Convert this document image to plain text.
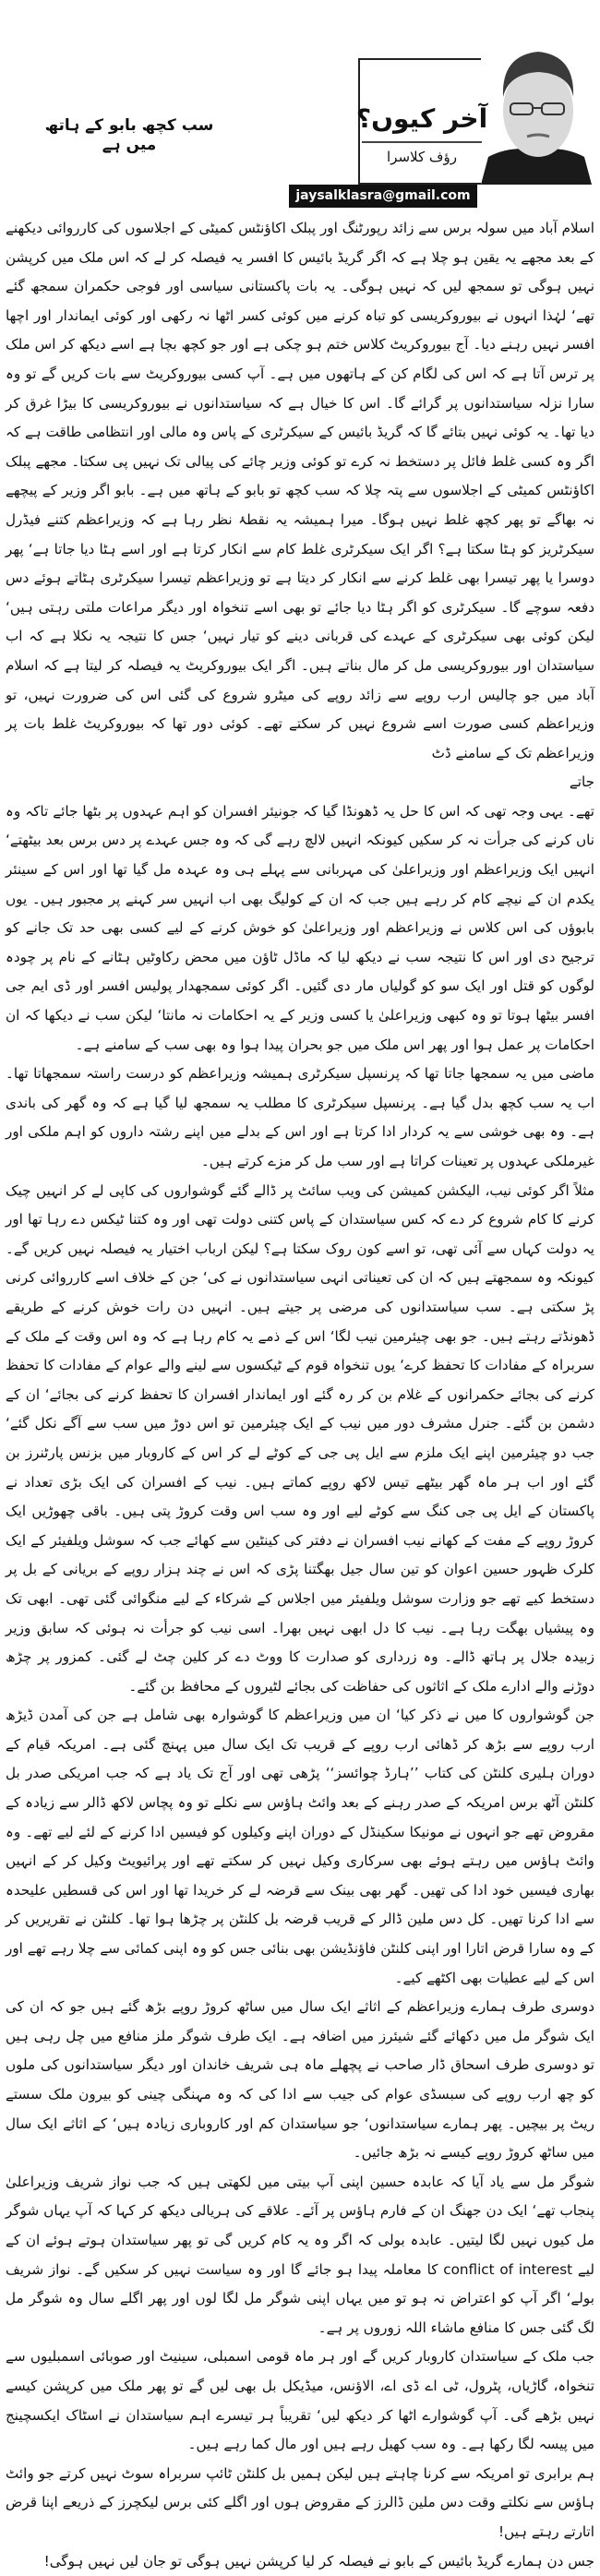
سب کچھ بابو کے ہاتھ میں ہے
آخر کیوں؟
رؤف کلاسرا
jaysalklasra@gmail.com

اسلام آباد میں سولہ برس سے زائد رپورٹنگ اور پبلک اکاؤنٹس کمیٹی کے اجلاسوں کی کارروائی دیکھنے کے بعد مجھے یہ یقین ہو چلا ہے کہ اگر گریڈ بائیس کا افسر یہ فیصلہ کر لے کہ اس ملک میں کرپشن نہیں ہوگی تو سمجھ لیں کہ نہیں ہوگی۔ یہ بات پاکستانی سیاسی اور فوجی حکمران سمجھ گئے تھے‘ لہٰذا انہوں نے بیوروکریسی کو تباہ کرنے میں کوئی کسر اٹھا نہ رکھی اور کوئی ایماندار اور اچھا افسر نہیں رہنے دیا۔ آج بیوروکریٹ کلاس ختم ہو چکی ہے اور جو کچھ بچا ہے اسے دیکھ کر اس ملک پر ترس آتا ہے کہ اس کی لگام کن کے ہاتھوں میں ہے۔ آپ کسی بیوروکریٹ سے بات کریں گے تو وہ سارا نزلہ سیاستدانوں پر گرائے گا۔ اس کا خیال ہے کہ سیاستدانوں نے بیوروکریسی کا بیڑا غرق کر دیا تھا۔ یہ کوئی نہیں بتائے گا کہ گریڈ بائیس کے سیکرٹری کے پاس وہ مالی اور انتظامی طاقت ہے کہ اگر وہ کسی غلط فائل پر دستخط نہ کرے تو کوئی وزیر چائے کی پیالی تک نہیں پی سکتا۔ مجھے پبلک اکاؤنٹس کمیٹی کے اجلاسوں سے پتہ چلا کہ سب کچھ تو بابو کے ہاتھ میں ہے۔ بابو اگر وزیر کے پیچھے نہ بھاگے تو پھر کچھ غلط نہیں ہوگا۔ میرا ہمیشہ یہ نقطۂ نظر رہا ہے کہ وزیراعظم کتنے فیڈرل سیکرٹریز کو ہٹا سکتا ہے؟ اگر ایک سیکرٹری غلط کام سے انکار کرتا ہے اور اسے ہٹا دیا جاتا ہے‘ پھر دوسرا یا پھر تیسرا بھی غلط کرنے سے انکار کر دیتا ہے تو وزیراعظم تیسرا سیکرٹری ہٹاتے ہوئے دس دفعہ سوچے گا۔ سیکرٹری کو اگر ہٹا دیا جائے تو بھی اسے تنخواہ اور دیگر مراعات ملتی رہتی ہیں‘ لیکن کوئی بھی سیکرٹری کے عہدے کی قربانی دینے کو تیار نہیں‘ جس کا نتیجہ یہ نکلا ہے کہ اب سیاستدان اور بیوروکریسی مل کر مال بناتے ہیں۔ اگر ایک بیوروکریٹ یہ فیصلہ کر لیتا ہے کہ اسلام آباد میں جو چالیس ارب روپے سے زائد روپے کی میٹرو شروع کی گئی اس کی ضرورت نہیں، تو وزیراعظم کسی صورت اسے شروع نہیں کر سکتے تھے۔ کوئی دور تھا کہ بیوروکریٹ غلط بات پر وزیراعظم تک کے سامنے ڈٹ

جاتے

تھے۔ یہی وجہ تھی کہ اس کا حل یہ ڈھونڈا گیا کہ جونیئر افسران کو اہم عہدوں پر بٹھا جائے تاکہ وہ ناں کرنے کی جرأت نہ کر سکیں کیونکہ انہیں لالچ رہے گی کہ وہ جس عہدے پر دس برس بعد بیٹھتے‘ انہیں ایک وزیراعظم اور وزیراعلیٰ کی مہربانی سے پہلے ہی وہ عہدہ مل گیا تھا اور اس کے سینئر یکدم ان کے نیچے کام کر رہے ہیں جب کہ ان کے کولیگ بھی اب انہیں سر کہنے پر مجبور ہیں۔ یوں بابوؤں کی اس کلاس نے وزیراعظم اور وزیراعلیٰ کو خوش کرنے کے لیے کسی بھی حد تک جانے کو ترجیح دی اور اس کا نتیجہ سب نے دیکھ لیا کہ ماڈل ٹاؤن میں محض رکاوٹیں ہٹانے کے نام پر چودہ لوگوں کو قتل اور ایک سو کو گولیاں مار دی گئیں۔ اگر کوئی سمجھدار پولیس افسر اور ڈی ایم جی افسر بیٹھا ہوتا تو وہ کبھی وزیراعلیٰ یا کسی وزیر کے یہ احکامات نہ مانتا‘ لیکن سب نے دیکھا کہ ان احکامات پر عمل ہوا اور پھر اس ملک میں جو بحران پیدا ہوا وہ بھی سب کے سامنے ہے۔

ماضی میں یہ سمجھا جاتا تھا کہ پرنسپل سیکرٹری ہمیشہ وزیراعظم کو درست راستہ سمجھاتا تھا۔ اب یہ سب کچھ بدل گیا ہے۔ پرنسپل سیکرٹری کا مطلب یہ سمجھ لیا گیا ہے کہ وہ گھر کی باندی ہے۔ وہ بھی خوشی سے یہ کردار ادا کرتا ہے اور اس کے بدلے میں اپنے رشتہ داروں کو اہم ملکی اور غیرملکی عہدوں پر تعینات کراتا ہے اور سب مل کر مزے کرتے ہیں۔

مثلاً اگر کوئی نیب، الیکشن کمیشن کی ویب سائٹ پر ڈالے گئے گوشواروں کی کاپی لے کر انہیں چیک کرنے کا کام شروع کر دے کہ کس سیاستدان کے پاس کتنی دولت تھی اور وہ کتنا ٹیکس دے رہا تھا اور یہ دولت کہاں سے آئی تھی، تو اسے کون روک سکتا ہے؟ لیکن ارباب اختیار یہ فیصلہ نہیں کریں گے۔ کیونکہ وہ سمجھتے ہیں کہ ان کی تعیناتی انہی سیاستدانوں نے کی‘ جن کے خلاف اسے کارروائی کرنی پڑ سکتی ہے۔ سب سیاستدانوں کی مرضی پر جیتے ہیں۔ انہیں دن رات خوش کرنے کے طریقے ڈھونڈتے رہتے ہیں۔ جو بھی چیئرمین نیب لگا‘ اس کے ذمے یہ کام رہا ہے کہ وہ اس وقت کے ملک کے سربراہ کے مفادات کا تحفظ کرے‘ یوں تنخواہ قوم کے ٹیکسوں سے لینے والے عوام کے مفادات کا تحفظ کرنے کی بجائے حکمرانوں کے غلام بن کر رہ گئے اور ایماندار افسران کا تحفظ کرنے کی بجائے‘ ان کے دشمن بن گئے۔ جنرل مشرف دور میں نیب کے ایک چیئرمین تو اس دوڑ میں سب سے آگے نکل گئے‘ جب دو چیئرمین اپنے ایک ملزم سے ایل پی جی کے کوٹے لے کر اس کے کاروبار میں بزنس پارٹنرز بن گئے اور اب ہر ماہ گھر بیٹھے تیس لاکھ روپے کماتے ہیں۔ نیب کے افسران کی ایک بڑی تعداد نے پاکستان کے ایل پی جی کنگ سے کوٹے لیے اور وہ سب اس وقت کروڑ پتی ہیں۔ باقی چھوڑیں ایک کروڑ روپے کے مفت کے کھانے نیب افسران نے دفتر کی کینٹین سے کھائے جب کہ سوشل ویلفیئر کے ایک کلرک ظہور حسین اعوان کو تین سال جیل بھگتنا پڑی کہ اس نے چند ہزار روپے کے بریانی کے بل پر دستخط کیے تھے جو وزارت سوشل ویلفیئر میں اجلاس کے شرکاء کے لیے منگوائی گئی تھی۔ ابھی تک وہ پیشیاں بھگت رہا ہے۔ نیب کا دل ابھی نہیں بھرا۔ اسی نیب کو جرأت نہ ہوئی کہ سابق وزیر زبیدہ جلال پر ہاتھ ڈالے۔ وہ زرداری کو صدارت کا ووٹ دے کر کلین چٹ لے گئی۔ کمزور پر چڑھ دوڑنے والے ادارے ملک کے اثاثوں کی حفاظت کی بجائے لٹیروں کے محافظ بن گئے۔

جن گوشواروں کا میں نے ذکر کیا‘ ان میں وزیراعظم کا گوشوارہ بھی شامل ہے جن کی آمدن ڈیڑھ ارب روپے سے بڑھ کر ڈھائی ارب روپے کے قریب تک ایک سال میں پہنچ گئی ہے۔ امریکہ قیام کے دوران ہلیری کلنٹن کی کتاب ’’ہارڈ چوائسز‘‘ پڑھی تھی اور آج تک یاد ہے کہ جب امریکی صدر بل کلنٹن آٹھ برس امریکہ کے صدر رہنے کے بعد وائٹ ہاؤس سے نکلے تو وہ پچاس لاکھ ڈالر سے زیادہ کے مقروض تھے جو انہوں نے مونیکا سکینڈل کے دوران اپنے وکیلوں کو فیسیں ادا کرنے کے لئے لیے تھے۔ وہ وائٹ ہاؤس میں رہتے ہوئے بھی سرکاری وکیل نہیں کر سکتے تھے اور پرائیویٹ وکیل کر کے انہیں بھاری فیسیں خود ادا کی تھیں۔ گھر بھی بینک سے قرضہ لے کر خریدا تھا اور اس کی قسطیں علیحدہ سے ادا کرنا تھیں۔ کل دس ملین ڈالر کے قریب قرضہ بل کلنٹن پر چڑھا ہوا تھا۔ کلنٹن نے تقریریں کر کے وہ سارا قرض اتارا اور اپنی کلنٹن فاؤنڈیشن بھی بنائی جس کو وہ اپنی کمائی سے چلا رہے تھے اور اس کے لیے عطیات بھی اکٹھے کیے۔

دوسری طرف ہمارے وزیراعظم کے اثاثے ایک سال میں ساٹھ کروڑ روپے بڑھ گئے ہیں جو کہ ان کی ایک شوگر مل میں دکھائے گئے شیئرز میں اضافہ ہے۔ ایک طرف شوگر ملز منافع میں چل رہی ہیں تو دوسری طرف اسحاق ڈار صاحب نے پچھلے ماہ ہی شریف خاندان اور دیگر سیاستدانوں کی ملوں کو چھ ارب روپے کی سبسڈی عوام کی جیب سے ادا کی کہ وہ مہنگی چینی کو بیرون ملک سستے ریٹ پر بیچیں۔ پھر ہمارے سیاستدانوں‘ جو سیاستدان کم اور کاروباری زیادہ ہیں‘ کے اثاثے ایک سال میں ساٹھ کروڑ روپے کیسے نہ بڑھ جائیں۔

شوگر مل سے یاد آیا کہ عابدہ حسین اپنی آپ بیتی میں لکھتی ہیں کہ جب نواز شریف وزیراعلیٰ پنجاب تھے‘ ایک دن جھنگ ان کے فارم ہاؤس پر آئے۔ علاقے کی ہریالی دیکھ کر کہا کہ آپ یہاں شوگر مل کیوں نہیں لگا لیتیں۔ عابدہ بولی کہ اگر وہ یہ کام کریں گی تو پھر سیاستدان ہوتے ہوئے ان کے لیے conflict of interest کا معاملہ پیدا ہو جائے گا اور وہ سیاست نہیں کر سکیں گے۔ نواز شریف بولے‘ اگر آپ کو اعتراض نہ ہو تو میں یہاں اپنی شوگر مل لگا لوں اور پھر اگلے سال وہ شوگر مل لگ گئی جس کا منافع ماشاء اللہ زوروں پر ہے۔

جب ملک کے سیاستدان کاروبار کریں گے اور ہر ماہ قومی اسمبلی، سینیٹ اور صوبائی اسمبلیوں سے تنخواہ، گاڑیاں، پٹرول، ٹی اے ڈی اے، الاؤنس، میڈیکل بل بھی لیں گے تو پھر ملک میں کرپشن کیسے نہیں بڑھے گی۔ آپ گوشوارے اٹھا کر دیکھ لیں‘ تقریباً ہر تیسرے اہم سیاستدان نے اسٹاک ایکسچینج میں پیسہ لگا رکھا ہے۔ وہ سب کھیل رہے ہیں اور مال کما رہے ہیں۔

ہم برابری تو امریکہ سے کرنا چاہتے ہیں لیکن ہمیں بل کلنٹن ٹائپ سربراہ سوٹ نہیں کرتے جو وائٹ ہاؤس سے نکلتے وقت دس ملین ڈالرز کے مقروض ہوں اور اگلے کئی برس لیکچرز کے ذریعے اپنا قرض اتارتے رہتے ہیں!

جس دن ہمارے گریڈ بائیس کے بابو نے فیصلہ کر لیا کرپشن نہیں ہوگی تو جان لیں نہیں ہوگی!
